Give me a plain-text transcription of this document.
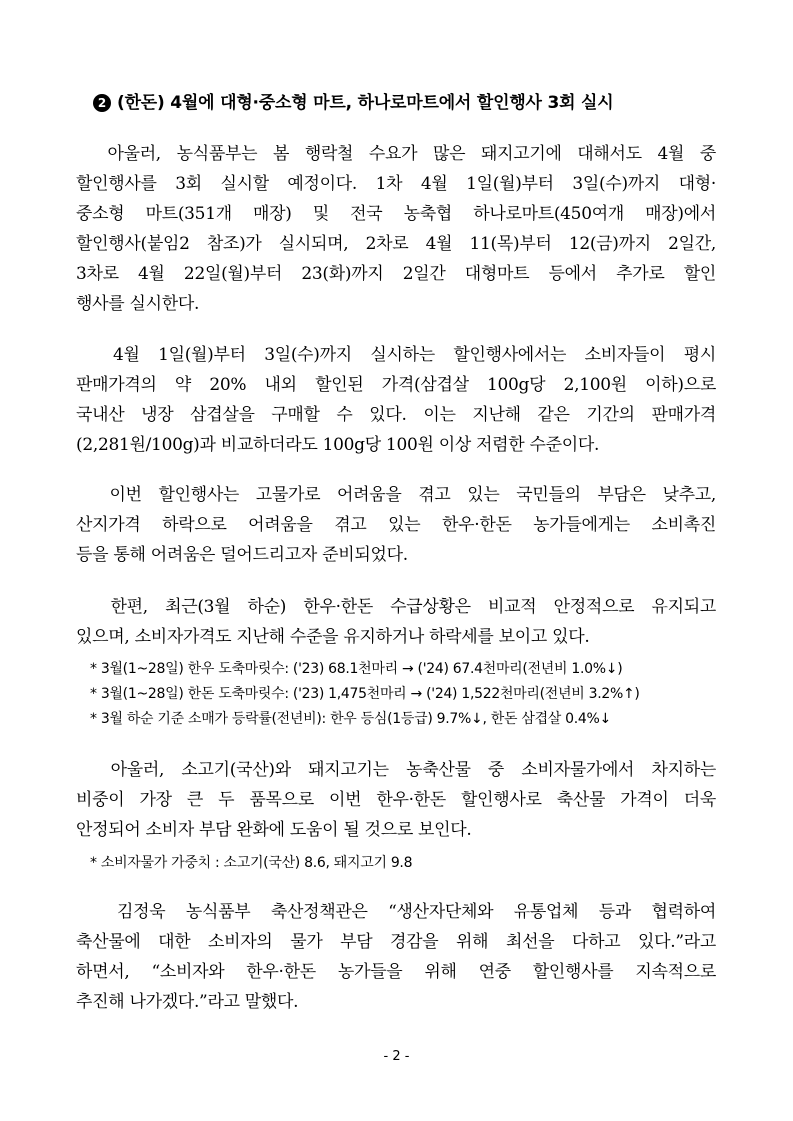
2 (한돈) 4월에 대형·중소형 마트, 하나로마트에서 할인행사 3회 실시
아울러, 농식품부는 봄 행락철 수요가 많은 돼지고기에 대해서도 4월 중
할인행사를 3회 실시할 예정이다. 1차 4월 1일(월)부터 3일(수)까지 대형·
중소형 마트(351개 매장) 및 전국 농축협 하나로마트(450여개 매장)에서
할인행사(붙임2 참조)가 실시되며, 2차로 4월 11(목)부터 12(금)까지 2일간,
3차로 4월 22일(월)부터 23(화)까지 2일간 대형마트 등에서 추가로 할인
행사를 실시한다.
4월 1일(월)부터 3일(수)까지 실시하는 할인행사에서는 소비자들이 평시
판매가격의 약 20% 내외 할인된 가격(삼겹살 100g당 2,100원 이하)으로
국내산 냉장 삼겹살을 구매할 수 있다. 이는 지난해 같은 기간의 판매가격
(2,281원/100g)과 비교하더라도 100g당 100원 이상 저렴한 수준이다.
이번 할인행사는 고물가로 어려움을 겪고 있는 국민들의 부담은 낮추고,
산지가격 하락으로 어려움을 겪고 있는 한우·한돈 농가들에게는 소비촉진
등을 통해 어려움은 덜어드리고자 준비되었다.
한편, 최근(3월 하순) 한우·한돈 수급상황은 비교적 안정적으로 유지되고
있으며, 소비자가격도 지난해 수준을 유지하거나 하락세를 보이고 있다.
* 3월(1~28일) 한우 도축마릿수: ('23) 68.1천마리 → ('24) 67.4천마리(전년비 1.0%↓)
* 3월(1~28일) 한돈 도축마릿수: ('23) 1,475천마리 → ('24) 1,522천마리(전년비 3.2%↑)
* 3월 하순 기준 소매가 등락률(전년비): 한우 등심(1등급) 9.7%↓, 한돈 삼겹살 0.4%↓
아울러, 소고기(국산)와 돼지고기는 농축산물 중 소비자물가에서 차지하는
비중이 가장 큰 두 품목으로 이번 한우·한돈 할인행사로 축산물 가격이 더욱
안정되어 소비자 부담 완화에 도움이 될 것으로 보인다.
* 소비자물가 가중치 : 소고기(국산) 8.6, 돼지고기 9.8
김정욱 농식품부 축산정책관은 “생산자단체와 유통업체 등과 협력하여
축산물에 대한 소비자의 물가 부담 경감을 위해 최선을 다하고 있다.”라고
하면서, “소비자와 한우·한돈 농가들을 위해 연중 할인행사를 지속적으로
추진해 나가겠다.”라고 말했다.
- 2 -
